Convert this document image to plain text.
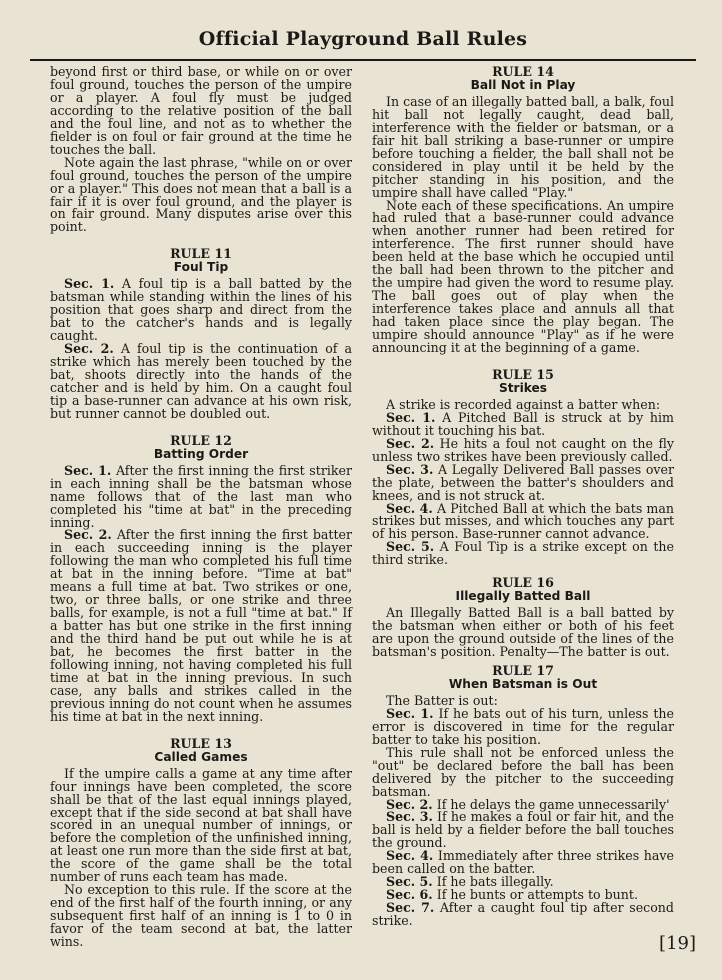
Official Playground Ball Rules

beyond first or third base, or while on or over foul ground, touches the person of the umpire or a player. A foul fly must be judged according to the relative position of the ball and the foul line, and not as to whether the fielder is on foul or fair ground at the time he touches the ball.

Note again the last phrase, "while on or over foul ground, touches the person of the umpire or a player." This does not mean that a ball is a fair if it is over foul ground, and the player is on fair ground. Many disputes arise over this point.

RULE 11
Foul Tip

Sec. 1. A foul tip is a ball batted by the batsman while standing within the lines of his position that goes sharp and direct from the bat to the catcher's hands and is legally caught.

Sec. 2. A foul tip is the continuation of a strike which has merely been touched by the bat, shoots directly into the hands of the catcher and is held by him. On a caught foul tip a base-runner can advance at his own risk, but runner cannot be doubled out.

RULE 12
Batting Order

Sec. 1. After the first inning the first striker in each inning shall be the batsman whose name follows that of the last man who completed his "time at bat" in the preceding inning.

Sec. 2. After the first inning the first batter in each succeeding inning is the player following the man who completed his full time at bat in the inning before. "Time at bat" means a full time at bat. Two strikes or one, two, or three balls, or one strike and three balls, for example, is not a full "time at bat." If a batter has but one strike in the first inning and the third hand be put out while he is at bat, he becomes the first batter in the following inning, not having completed his full time at bat in the inning previous. In such case, any balls and strikes called in the previous inning do not count when he assumes his time at bat in the next inning.

RULE 13
Called Games

If the umpire calls a game at any time after four innings have been completed, the score shall be that of the last equal innings played, except that if the side second at bat shall have scored in an unequal number of innings, or before the completion of the unfinished inning, at least one run more than the side first at bat, the score of the game shall be the total number of runs each team has made.

No exception to this rule. If the score at the end of the first half of the fourth inning, or any subsequent first half of an inning is 1 to 0 in favor of the team second at bat, the latter wins.

RULE 14
Ball Not in Play

In case of an illegally batted ball, a balk, foul hit ball not legally caught, dead ball, interference with the fielder or batsman, or a fair hit ball striking a base-runner or umpire before touching a fielder, the ball shall not be considered in play until it be held by the pitcher standing in his position, and the umpire shall have called "Play."

Note each of these specifications. An umpire had ruled that a base-runner could advance when another runner had been retired for interference. The first runner should have been held at the base which he occupied until the ball had been thrown to the pitcher and the umpire had given the word to resume play. The ball goes out of play when the interference takes place and annuls all that had taken place since the play began. The umpire should announce "Play" as if he were announcing it at the beginning of a game.

RULE 15
Strikes

A strike is recorded against a batter when:

Sec. 1. A Pitched Ball is struck at by him without it touching his bat.

Sec. 2. He hits a foul not caught on the fly unless two strikes have been previously called.

Sec. 3. A Legally Delivered Ball passes over the plate, between the batter's shoulders and knees, and is not struck at.

Sec. 4. A Pitched Ball at which the bats man strikes but misses, and which touches any part of his person. Base-runner cannot advance.

Sec. 5. A Foul Tip is a strike except on the third strike.

RULE 16
Illegally Batted Ball

An Illegally Batted Ball is a ball batted by the batsman when either or both of his feet are upon the ground outside of the lines of the batsman's position. Penalty—The batter is out.

RULE 17
When Batsman is Out

The Batter is out:

Sec. 1. If he bats out of his turn, unless the error is discovered in time for the regular batter to take his position.

This rule shall not be enforced unless the "out" be declared before the ball has been delivered by the pitcher to the succeeding batsman.

Sec. 2. If he delays the game unnecessarily'

Sec. 3. If he makes a foul or fair hit, and the ball is held by a fielder before the ball touches the ground.

Sec. 4. Immediately after three strikes have been called on the batter.

Sec. 5. If he bats illegally.

Sec. 6. If he bunts or attempts to bunt.

Sec. 7. After a caught foul tip after second strike.

[19]
